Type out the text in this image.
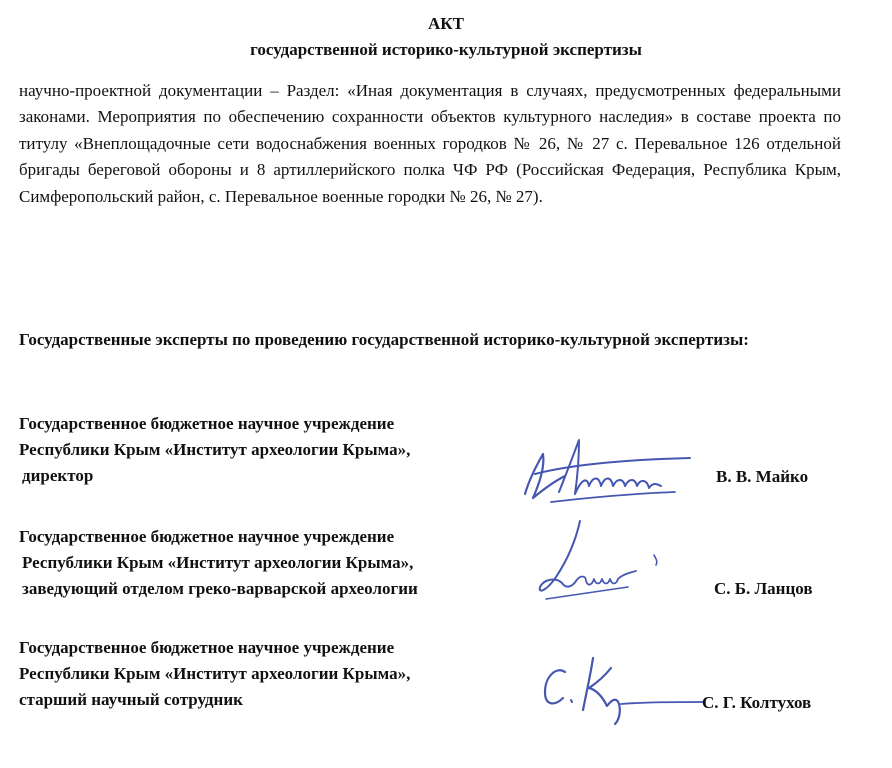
АКТ
государственной историко-культурной экспертизы
научно-проектной документации – Раздел: «Иная документация в случаях, предусмотренных федеральными законами. Мероприятия по обеспечению сохранности объектов культурного наследия» в составе проекта по титулу «Внеплощадочные сети водоснабжения военных городков № 26, № 27 с. Перевальное 126 отдельной бригады береговой обороны и 8 артиллерийского полка ЧФ РФ (Российская Федерация, Республика Крым, Симферопольский район, с. Перевальное военные городки № 26, № 27).
Государственные эксперты по проведению государственной историко-культурной экспертизы:
Государственное бюджетное научное учреждение
Республики Крым «Институт археологии Крыма»,
директор	В. В. Майко
Государственное бюджетное научное учреждение
Республики Крым «Институт археологии Крыма»,
заведующий отделом греко-варварской археологии	С. Б. Ланцов
Государственное бюджетное научное учреждение
Республики Крым «Институт археологии Крыма»,
старший научный сотрудник	С. Г. Колтухов
